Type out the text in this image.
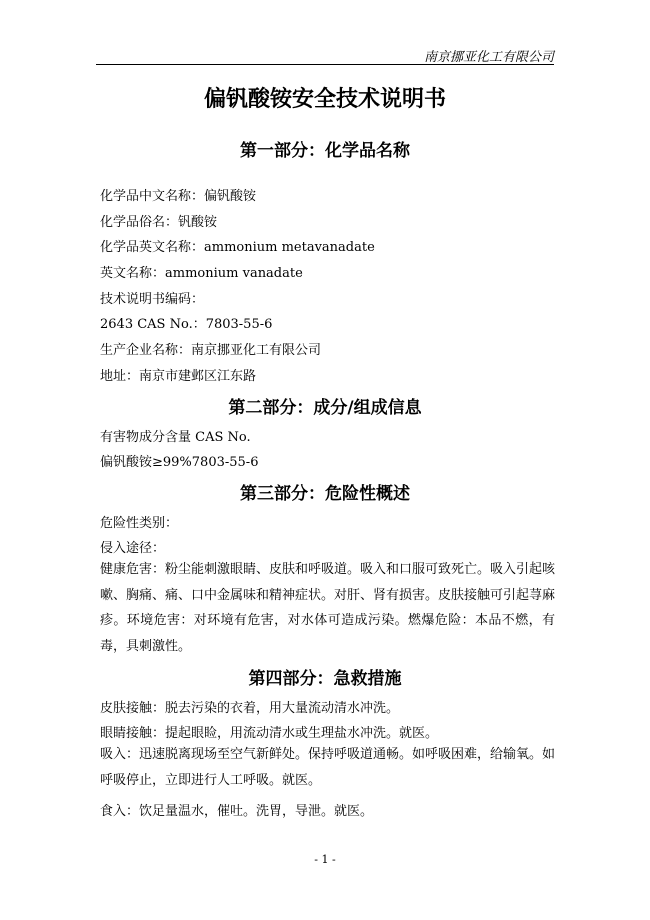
南京挪亚化工有限公司
偏钒酸铵安全技术说明书
第一部分：化学品名称
化学品中文名称：偏钒酸铵
化学品俗名：钒酸铵
化学品英文名称：ammonium metavanadate
英文名称：ammonium vanadate
技术说明书编码：
2643 CAS No.：7803-55-6
生产企业名称：南京挪亚化工有限公司
地址：南京市建邺区江东路
第二部分：成分/组成信息
有害物成分含量 CAS No.
偏钒酸铵≥99%7803-55-6
第三部分：危险性概述
危险性类别：
侵入途径：
健康危害：粉尘能刺激眼睛、皮肤和呼吸道。吸入和口服可致死亡。吸入引起咳嗽、胸痛、痛、口中金属味和精神症状。对肝、肾有损害。皮肤接触可引起荨麻疹。环境危害：对环境有危害，对水体可造成污染。燃爆危险：本品不燃，有毒，具刺激性。
第四部分：急救措施
皮肤接触：脱去污染的衣着，用大量流动清水冲洗。
眼睛接触：提起眼睑，用流动清水或生理盐水冲洗。就医。
吸入：迅速脱离现场至空气新鲜处。保持呼吸道通畅。如呼吸困难，给输氧。如呼吸停止，立即进行人工呼吸。就医。
食入：饮足量温水，催吐。洗胃，导泄。就医。
- 1 -
